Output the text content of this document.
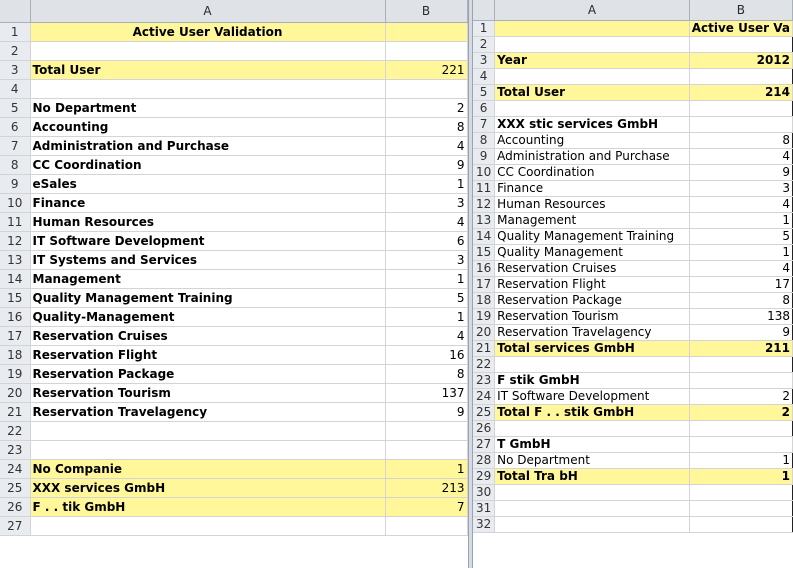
	A	B
1	Active User Validation	
2		
3	Total User	221
4		
5	No Department	2
6	Accounting	8
7	Administration and Purchase	4
8	CC Coordination	9
9	eSales	1
10	Finance	3
11	Human Resources	4
12	IT Software Development	6
13	IT Systems and Services	3
14	Management	1
15	Quality Management Training	5
16	Quality-Management	1
17	Reservation Cruises	4
18	Reservation Flight	16
19	Reservation Package	8
20	Reservation Tourism	137
21	Reservation Travelagency	9
22		
23		
24	No Companie	1
25	XXX services GmbH	213
26	F . . tik GmbH	7
27		
	A	B
1		Active User Va
2		
3	Year	2012
4		
5	Total User	214
6		
7	XXX stic services GmbH	
8	Accounting	8
9	Administration and Purchase	4
10	CC Coordination	9
11	Finance	3
12	Human Resources	4
13	Management	1
14	Quality Management Training	5
15	Quality Management	1
16	Reservation Cruises	4
17	Reservation Flight	17
18	Reservation Package	8
19	Reservation Tourism	138
20	Reservation Travelagency	9
21	Total services GmbH	211
22		
23	F stik GmbH	
24	IT Software Development	2
25	Total F . . stik GmbH	2
26		
27	T GmbH	
28	No Department	1
29	Total Tra bH	1
30		
31		
32		
